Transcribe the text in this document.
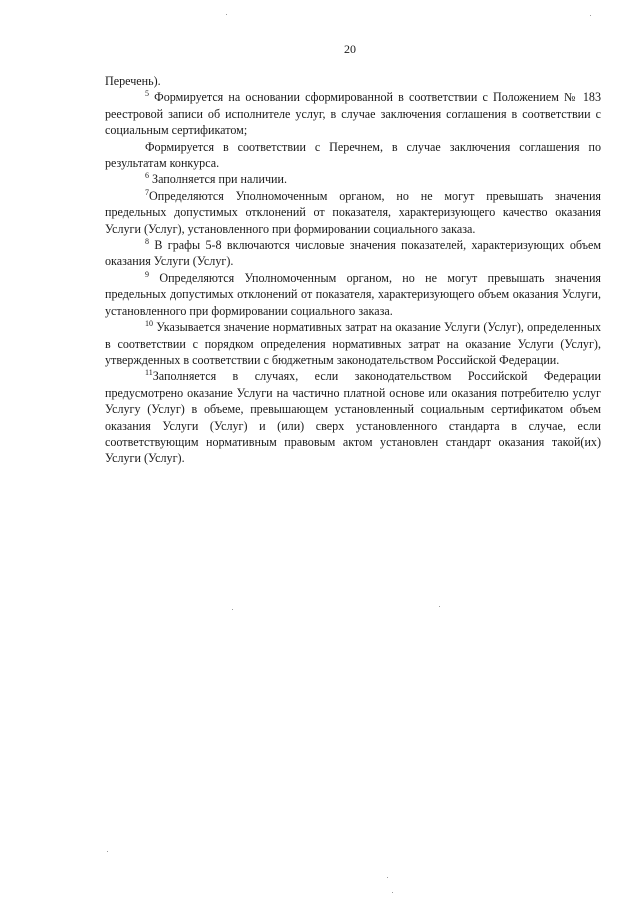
20

Перечень).

$^5$ Формируется на основании сформированной в соответствии с Положением № 183 реестровой записи об исполнителе услуг, в случае заключения соглашения в соответствии с социальным сертификатом;

Формируется в соответствии с Перечнем, в случае заключения соглашения по результатам конкурса.

$^6$ Заполняется при наличии.

$^7$Определяются Уполномоченным органом, но не могут превышать значения предельных допустимых отклонений от показателя, характеризующего качество оказания Услуги (Услуг), установленного при формировании социального заказа.

$^8$ В графы 5-8 включаются числовые значения показателей, характеризующих объем оказания Услуги (Услуг).

$^9$ Определяются Уполномоченным органом, но не могут превышать значения предельных допустимых отклонений от показателя, характеризующего объем оказания Услуги, установленного при формировании социального заказа.

$^{10}$ Указывается значение нормативных затрат на оказание Услуги (Услуг), определенных в соответствии с порядком определения нормативных затрат на оказание Услуги (Услуг), утвержденных в соответствии с бюджетным законодательством Российской Федерации.

$^{11}$Заполняется в случаях, если законодательством Российской Федерации предусмотрено оказание Услуги на частично платной основе или оказания потребителю услуг Услугу (Услуг) в объеме, превышающем установленный социальным сертификатом объем оказания Услуги (Услуг) и (или) сверх установленного стандарта в случае, если соответствующим нормативным правовым актом установлен стандарт оказания такой(их) Услуги (Услуг).
